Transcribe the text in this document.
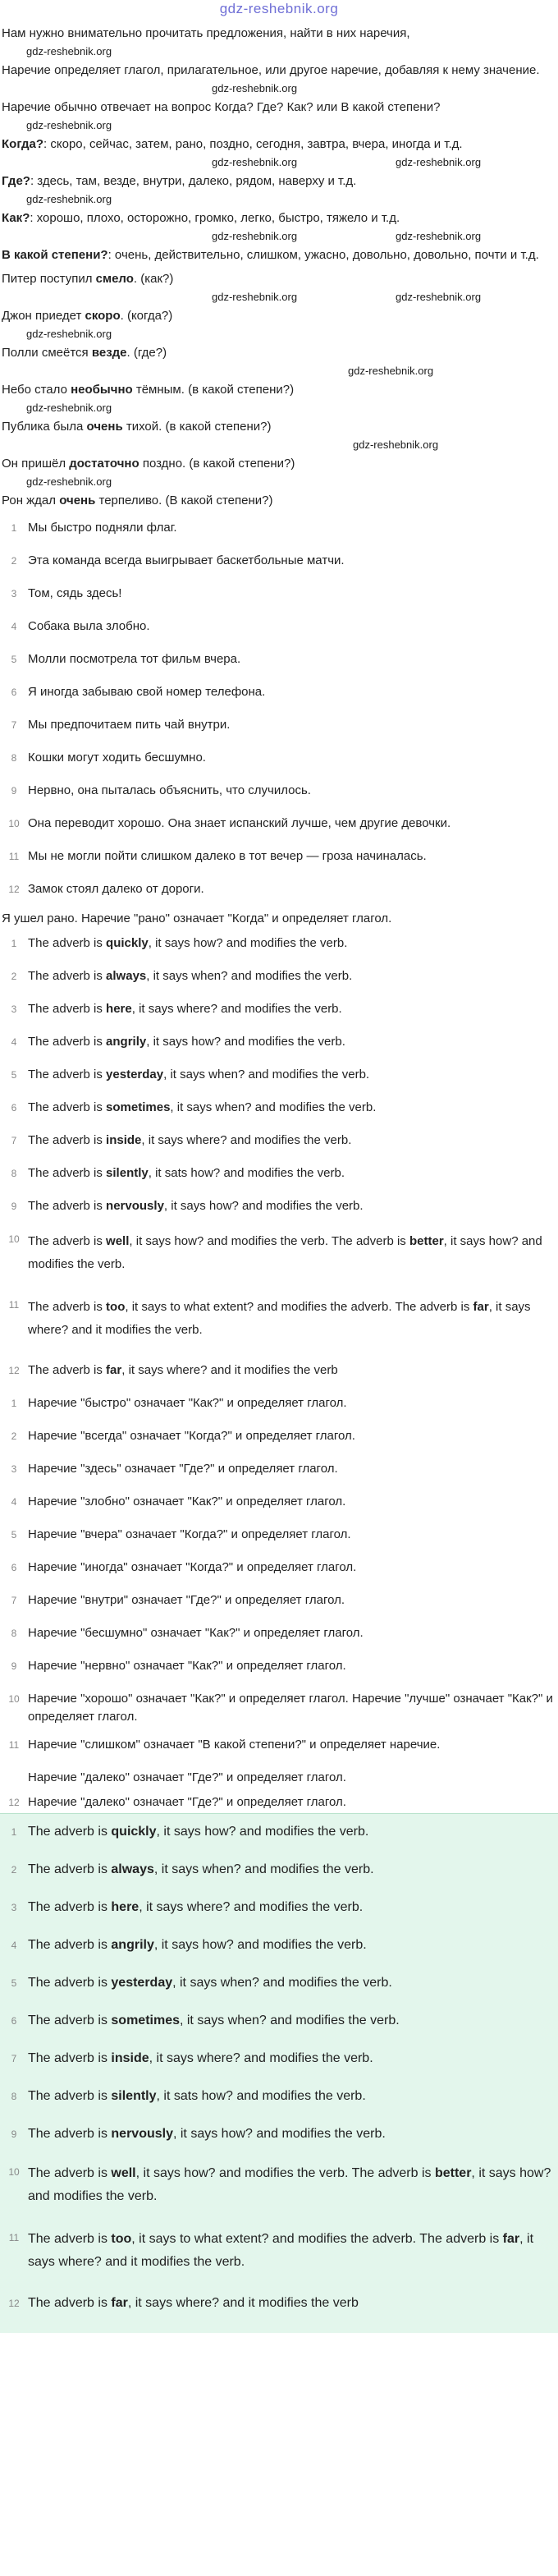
gdz-reshebnik.org

Нам нужно внимательно прочитать предложения, найти в них наречия,

gdz-reshebnik.org

Наречие определяет глагол, прилагательное, или другое наречие, добавляя к нему значение.

gdz-reshebnik.org

Наречие обычно отвечает на вопрос Когда? Где? Как? или В какой степени?

gdz-reshebnik.org

Когда?: скоро, сейчас, затем, рано, поздно, сегодня, завтра, вчера, иногда и т.д.

gdz-reshebnik.org	gdz-reshebnik.org

Где?: здесь, там, везде, внутри, далеко, рядом, наверху и т.д.

gdz-reshebnik.org

Как?: хорошо, плохо, осторожно, громко, легко, быстро, тяжело и т.д.

gdz-reshebnik.org	gdz-reshebnik.org

В какой степени?: очень, действительно, слишком, ужасно, довольно, довольно, почти и т.д.

Питер поступил смело. (как?)

gdz-reshebnik.org	gdz-reshebnik.org

Джон приедет скоро. (когда?)

gdz-reshebnik.org

Полли смеётся везде. (где?)

gdz-reshebnik.org

Небо стало необычно тёмным. (в какой степени?)

gdz-reshebnik.org

Публика была очень тихой. (в какой степени?)

gdz-reshebnik.org

Он пришёл достаточно поздно. (в какой степени?)

gdz-reshebnik.org

Рон ждал очень терпеливо. (В какой степени?)

1 Мы быстро подняли флаг.
2 Эта команда всегда выигрывает баскетбольные матчи.
3 Том, сядь здесь!
4 Собака выла злобно.
5 Молли посмотрела тот фильм вчера.
6 Я иногда забываю свой номер телефона.
7 Мы предпочитаем пить чай внутри.
8 Кошки могут ходить бесшумно.
9 Нервно, она пыталась объяснить, что случилось.
10 Она переводит хорошо. Она знает испанский лучше, чем другие девочки.
11 Мы не могли пойти слишком далеко в тот вечер — гроза начиналась.
12 Замок стоял далеко от дороги.
Я ушел рано. Наречие "рано" означает "Когда" и определяет глагол.
1 The adverb is quickly, it says how? and modifies the verb.
2 The adverb is always, it says when? and modifies the verb.
3 The adverb is here, it says where? and modifies the verb.
4 The adverb is angrily, it says how? and modifies the verb.
5 The adverb is yesterday, it says when? and modifies the verb.
6 The adverb is sometimes, it says when? and modifies the verb.
7 The adverb is inside, it says where? and modifies the verb.
8 The adverb is silently, it sats how? and modifies the verb.
9 The adverb is nervously, it says how? and modifies the verb.
10 The adverb is well, it says how? and modifies the verb. The adverb is better, it says how? and modifies the verb.
11 The adverb is too, it says to what extent? and modifies the adverb. The adverb is far, it says where? and it modifies the verb.
12 The adverb is far, it says where? and it modifies the verb
1 Наречие "быстро" означает "Как?" и определяет глагол.
2 Наречие "всегда" означает "Когда?" и определяет глагол.
3 Наречие "здесь" означает "Где?" и определяет глагол.
4 Наречие "злобно" означает "Как?" и определяет глагол.
5 Наречие "вчера" означает "Когда?" и определяет глагол.
6 Наречие "иногда" означает "Когда?" и определяет глагол.
7 Наречие "внутри" означает "Где?" и определяет глагол.
8 Наречие "бесшумно" означает "Как?" и определяет глагол.
9 Наречие "нервно" означает "Как?" и определяет глагол.
10 Наречие "хорошо" означает "Как?" и определяет глагол. Наречие "лучше" означает "Как?" и определяет глагол.
11 Наречие "слишком" означает "В какой степени?" и определяет наречие.
Наречие "далеко" означает "Где?" и определяет глагол.
12 Наречие "далеко" означает "Где?" и определяет глагол.
1 The adverb is quickly, it says how? and modifies the verb.
2 The adverb is always, it says when? and modifies the verb.
3 The adverb is here, it says where? and modifies the verb.
4 The adverb is angrily, it says how? and modifies the verb.
5 The adverb is yesterday, it says when? and modifies the verb.
6 The adverb is sometimes, it says when? and modifies the verb.
7 The adverb is inside, it says where? and modifies the verb.
8 The adverb is silently, it sats how? and modifies the verb.
9 The adverb is nervously, it says how? and modifies the verb.
10 The adverb is well, it says how? and modifies the verb. The adverb is better, it says how? and modifies the verb.
11 The adverb is too, it says to what extent? and modifies the adverb. The adverb is far, it says where? and it modifies the verb.
12 The adverb is far, it says where? and it modifies the verb
